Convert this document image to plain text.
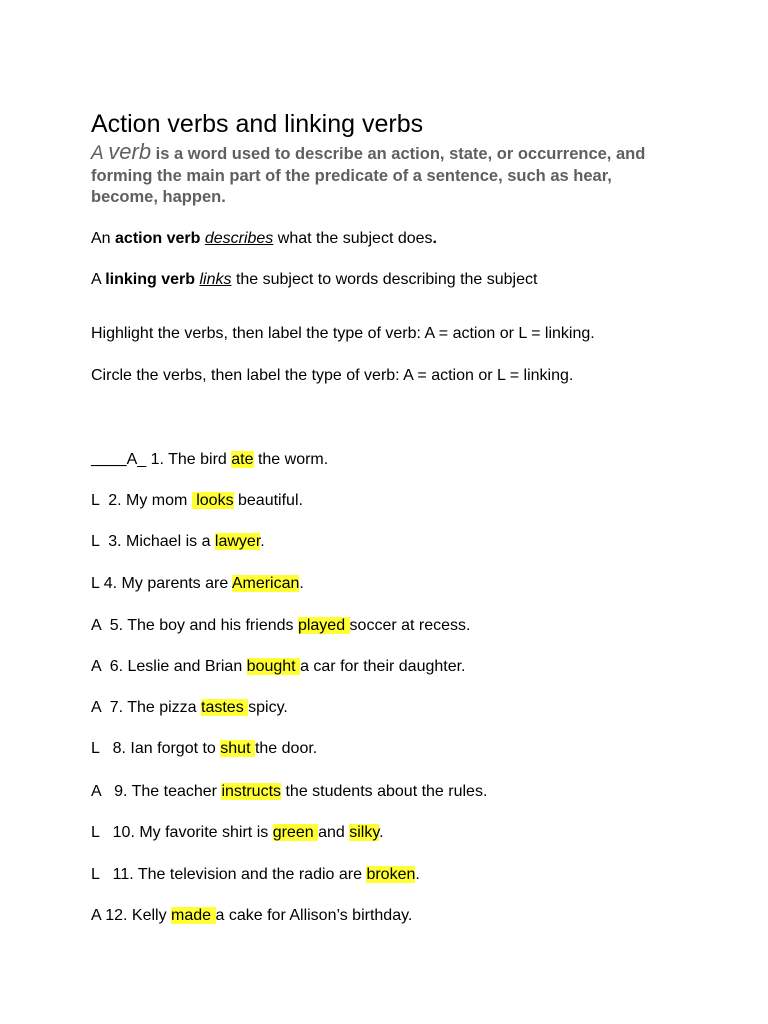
Action verbs and linking verbs
A verb is a word used to describe an action, state, or occurrence, and forming the main part of the predicate of a sentence, such as hear, become, happen.
An action verb describes what the subject does.
A linking verb links the subject to words describing the subject
Highlight the verbs, then label the type of verb: A = action or L = linking.
Circle the verbs, then label the type of verb: A = action or L = linking.
____A_ 1. The bird ate the worm.
L  2. My mom  looks beautiful.
L  3. Michael is a lawyer.
L 4. My parents are American.
A  5. The boy and his friends played soccer at recess.
A  6. Leslie and Brian bought a car for their daughter.
A  7. The pizza tastes spicy.
L   8. Ian forgot to shut the door.
A   9. The teacher instructs the students about the rules.
L   10. My favorite shirt is green and silky.
L   11. The television and the radio are broken.
A 12. Kelly made a cake for Allison’s birthday.
